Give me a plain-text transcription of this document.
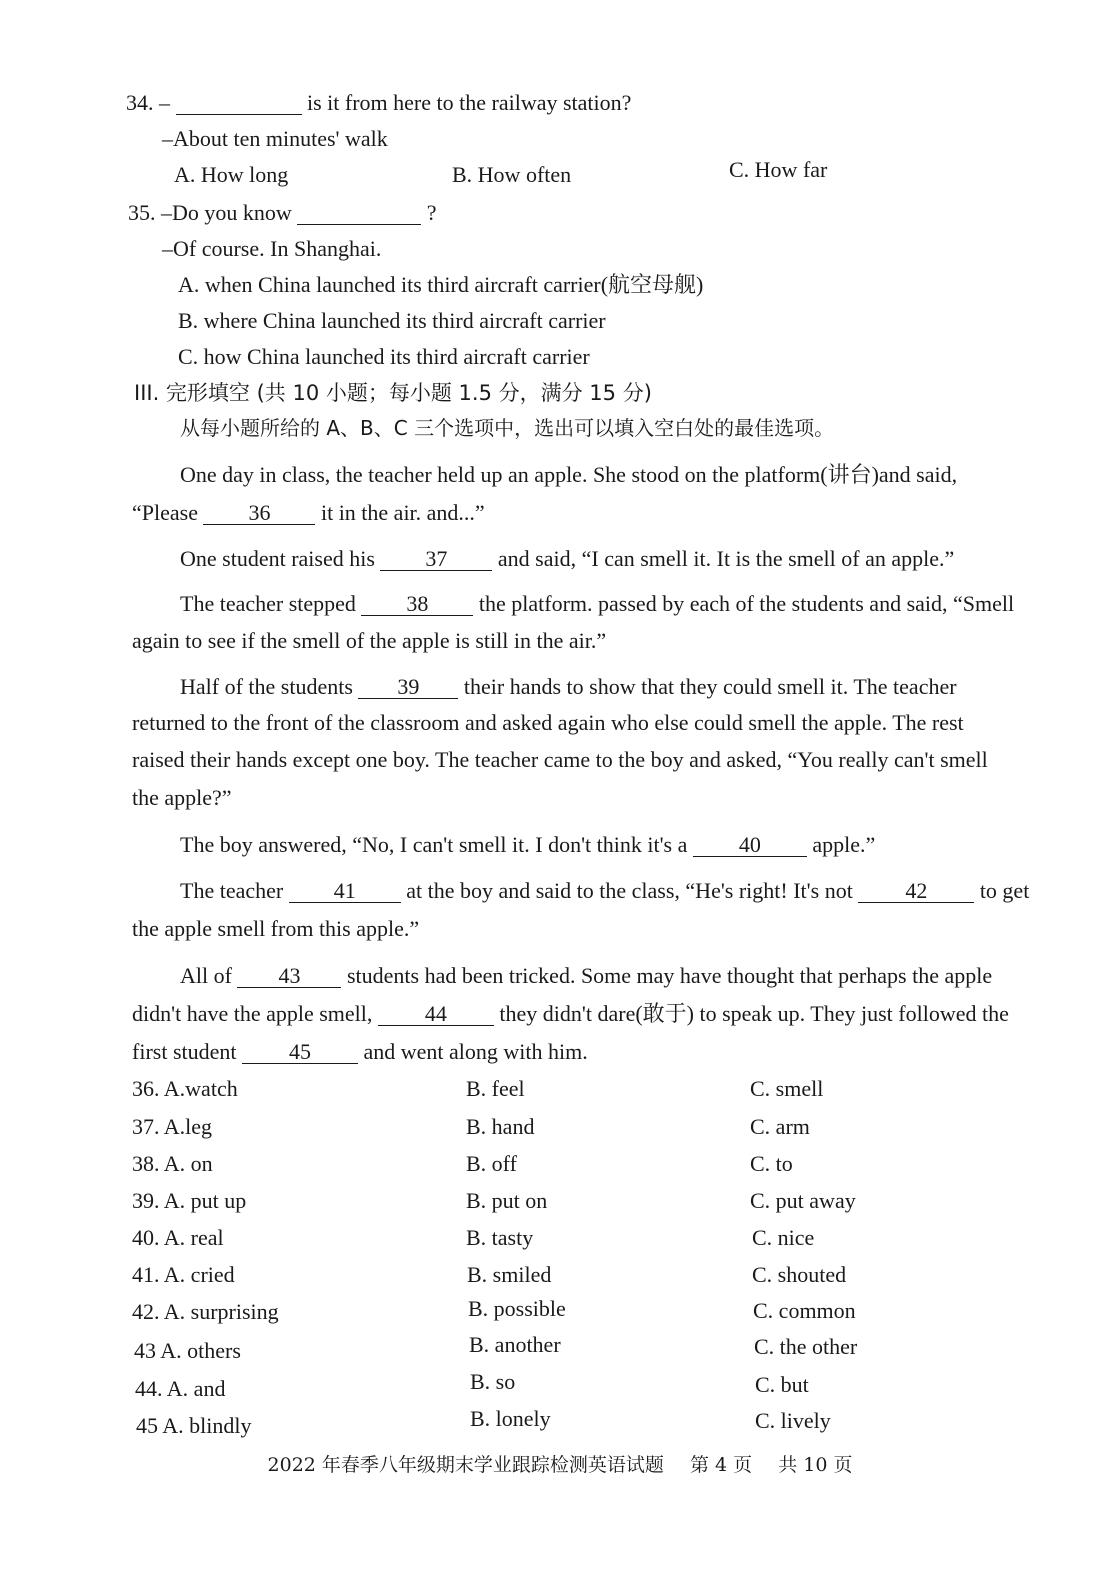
34. –	is it from here to the railway station?
–About ten minutes' walk
A. How long	B. How often	C. How far
35. –Do you know	?
–Of course. In Shanghai.
A. when China launched its third aircraft carrier(航空母舰)
B. where China launched its third aircraft carrier
C. how China launched its third aircraft carrier
III. 完形填空 (共 10 小题；每小题 1.5 分，满分 15 分)
从每小题所给的 A、B、C 三个选项中，选出可以填入空白处的最佳选项。
One day in class, the teacher held up an apple. She stood on the platform(讲台)and said,
“Please 36 it in the air. and...”
One student raised his 37 and said, “I can smell it. It is the smell of an apple.”
The teacher stepped 38 the platform. passed by each of the students and said, “Smell
again to see if the smell of the apple is still in the air.”
Half of the students 39 their hands to show that they could smell it. The teacher
returned to the front of the classroom and asked again who else could smell the apple. The rest
raised their hands except one boy. The teacher came to the boy and asked, “You really can't smell
the apple?”
The boy answered, “No, I can't smell it. I don't think it's a 40 apple.”
The teacher 41 at the boy and said to the class, “He's right! It's not 42 to get
the apple smell from this apple.”
All of 43 students had been tricked. Some may have thought that perhaps the apple
didn't have the apple smell, 44 they didn't dare(敢于) to speak up. They just followed the
first student 45 and went along with him.
36. A.watch	B. feel	C. smell
37. A.leg	B. hand	C. arm
38. A. on	B. off	C. to
39. A. put up	B. put on	C. put away
40. A. real	B. tasty	C. nice
41. A. cried	B. smiled	C. shouted
42. A. surprising	B. possible	C. common
43 A. others	B. another	C. the other
44. A. and	B. so	C. but
45 A. blindly	B. lonely	C. lively
2022 年春季八年级期末学业跟踪检测英语试题 第 4 页 共 10 页
